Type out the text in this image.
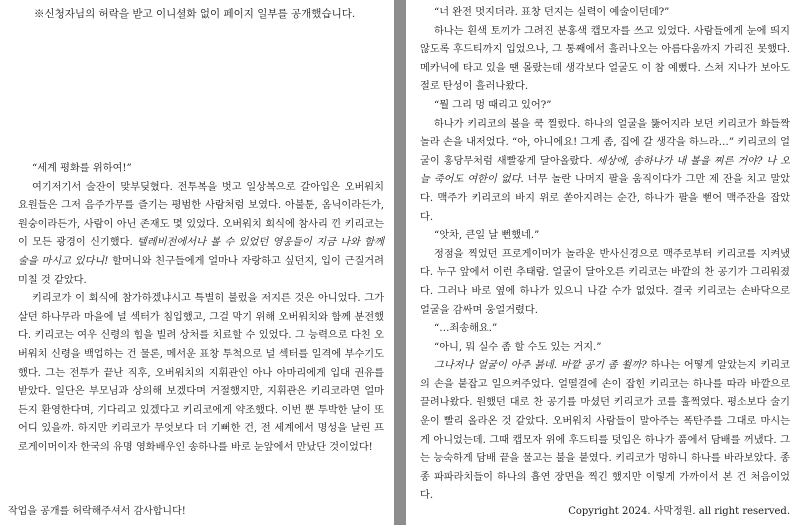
※신청자님의 허락을 받고 이니셜화 없이 페이지 일부를 공개했습니다.

“세계 평화를 위하여!”

여기저기서 술잔이 맞부딪혔다. 전투복을 벗고 일상복으로 갈아입은 오버워치 요원들은 그저 음주가무를 즐기는 평범한 사람처럼 보였다. 아불툰, 옴닉이라든가, 원숭이라든가, 사람이 아닌 존재도 몇 있었다. 오버워치 회식에 참사리 낀 키리코는 이 모든 광경이 신기했다. 텔레비전에서나 볼 수 있었던 영웅들이 지금 나와 함께 술을 마시고 있다니! 할머니와 친구들에게 얼마나 자랑하고 싶던지, 입이 근질거려 미칠 것 같았다.

키리코가 이 회식에 참가하겠냐시고 특별히 불렀을 저지른 것은 아니었다. 그가 살던 하나무라 마을에 널 섹터가 침입했고, 그걸 막기 위해 오버워치와 함께 분전했다. 키리코는 여우 신령의 힘을 빌려 상처를 치료할 수 있었다. 그 능력으로 다친 오버워치 신령을 백업하는 건 물론, 메서운 표창 투척으로 널 섹터를 일격에 부수기도 했다. 그는 전투가 끝난 직후, 오버워치의 지휘관인 아나 아마리에게 입대 권유를 받았다. 일단은 부모님과 상의해 보겠다며 거절했지만, 지휘관은 키리코라면 얼마든지 환영한다며, 기다리고 있겠다고 키리코에게 약조했다. 이번 뿐 투박한 날이 또 어디 있을까. 하지만 키리코가 무엇보다 더 기뻐한 건, 전 세계에서 명성을 날린 프로게이머이자 한국의 유명 영화배우인 송하나를 바로 눈앞에서 만났단 것이었다!

작업을 공개를 허락해주셔서 감사합니다!

“너 완전 멋지더라. 표창 던지는 실력이 예술이던데?”

하나는 흰색 토끼가 그려진 분홍색 캡모자를 쓰고 있었다. 사람들에게 눈에 띄지 않도록 후드티까지 입었으나, 그 통째에서 흘러나오는 아름다움까지 가리진 못했다. 메카닉에 타고 있을 땐 몰랐는데 생각보다 얼굴도 이 참 예뻤다. 스쳐 지나가 보아도 절로 탄성이 흘러나왔다.

“뭘 그리 멍 때리고 있어?”

하나가 키리코의 볼을 쿡 찔렀다. 하나의 얼굴을 뚫어지라 보던 키리코가 화들짝 놀라 손을 내저었다. “아, 아니에요! 그게 좀, 집에 갈 생각을 하느라…” 키리코의 얼굴이 홍당무처럼 새빨갛게 달아올랐다. 세상에, 송하나가 내 볼을 찌른 거야? 나 오늘 죽어도 여한이 없다. 너무 놀란 나머지 팔을 움직이다가 그만 제 잔을 치고 말았다. 맥주가 키리코의 바지 위로 쏟아지려는 순간, 하나가 팔을 뻗어 맥주잔을 잡았다.

“앗차, 큰일 날 뻔했네.”

정점을 찍었던 프로게이머가 놀라운 반사신경으로 맥주로부터 키리코를 지켜냈다. 누구 앞에서 이런 추태람. 얼굴이 달아오른 키리코는 바깥의 찬 공기가 그리워졌다. 그러나 바로 옆에 하나가 있으니 나갈 수가 없었다. 결국 키리코는 손바닥으로 얼굴을 감싸며 웅얼거렸다.

“…죄송해요.”

“아니, 뭐 실수 좀 할 수도 있는 거지.”

그나저나 얼굴이 아주 붉네. 바깥 공기 좀 쐴까? 하나는 어떻게 알았는지 키리코의 손을 붙잡고 일으켜주었다. 얼떨결에 손이 잡힌 키리코는 하나를 따라 바깥으로 끌려나왔다. 원했던 대로 찬 공기를 마셨던 키리코가 코를 훌쩍였다. 평소보다 술기운이 빨리 올라온 것 같았다. 오버워치 사람들이 말아주는 폭탄주를 그대로 마시는 게 아니었는데. 그때 캡모자 위에 후드티를 덧입은 하나가 품에서 담배를 꺼냈다. 그는 능숙하게 담배 끝을 물고는 불을 붙였다. 키리코가 멍하니 하나를 바라보았다. 종종 파파라치들이 하나의 흡연 장면을 찍긴 했지만 이렇게 가까이서 본 건 처음이었다.

Copyright 2024. 사막정원. all right reserved.
